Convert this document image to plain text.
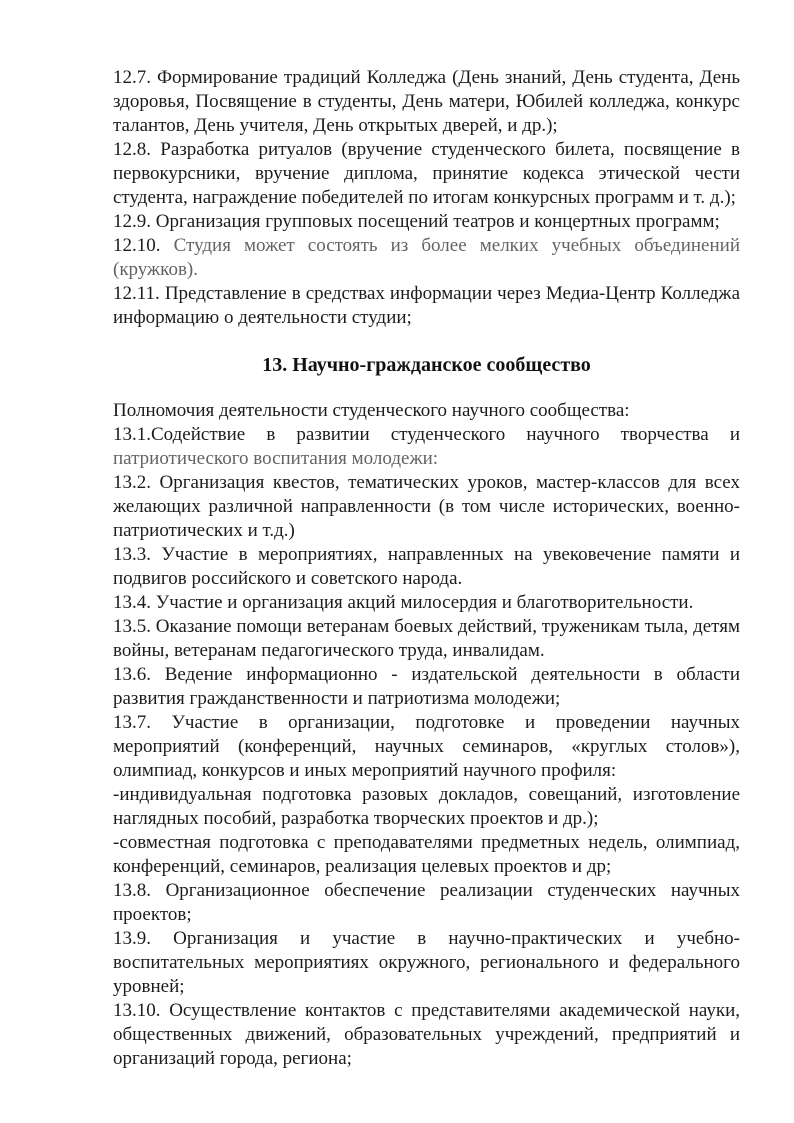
12.7. Формирование традиций Колледжа (День знаний, День студента, День здоровья, Посвящение в студенты, День матери, Юбилей колледжа, конкурс талантов, День учителя, День открытых дверей, и др.);

12.8. Разработка ритуалов (вручение студенческого билета, посвящение в первокурсники, вручение диплома, принятие кодекса этической чести студента, награждение победителей по итогам конкурсных программ и т. д.);

12.9. Организация групповых посещений театров и концертных программ;

12.10. Студия может состоять из более мелких учебных объединений (кружков).

12.11. Представление в средствах информации через Медиа-Центр Колледжа информацию о деятельности студии;

13. Научно-гражданское сообщество

Полномочия деятельности студенческого научного сообщества:

13.1.Содействие в развитии студенческого научного творчества и патриотического воспитания молодежи:

13.2. Организация квестов, тематических уроков, мастер-классов для всех желающих различной направленности (в том числе исторических, военно-патриотических и т.д.)

13.3. Участие в мероприятиях, направленных на увековечение памяти и подвигов российского и советского народа.

13.4. Участие и организация акций милосердия и благотворительности.

13.5. Оказание помощи ветеранам боевых действий, труженикам тыла, детям войны, ветеранам педагогического труда, инвалидам.

13.6. Ведение информационно - издательской деятельности в области развития гражданственности и патриотизма молодежи;

13.7. Участие в организации, подготовке и проведении научных мероприятий (конференций, научных семинаров, «круглых столов»), олимпиад, конкурсов и иных мероприятий научного профиля:

-индивидуальная подготовка разовых докладов, совещаний, изготовление наглядных пособий, разработка творческих проектов и др.);

-совместная подготовка с преподавателями предметных недель, олимпиад, конференций, семинаров, реализация целевых проектов и др;

13.8. Организационное обеспечение реализации студенческих научных проектов;

13.9. Организация и участие в научно-практических и учебно-воспитательных мероприятиях окружного, регионального и федерального уровней;

13.10. Осуществление контактов с представителями академической науки, общественных движений, образовательных учреждений, предприятий и организаций города, региона;
